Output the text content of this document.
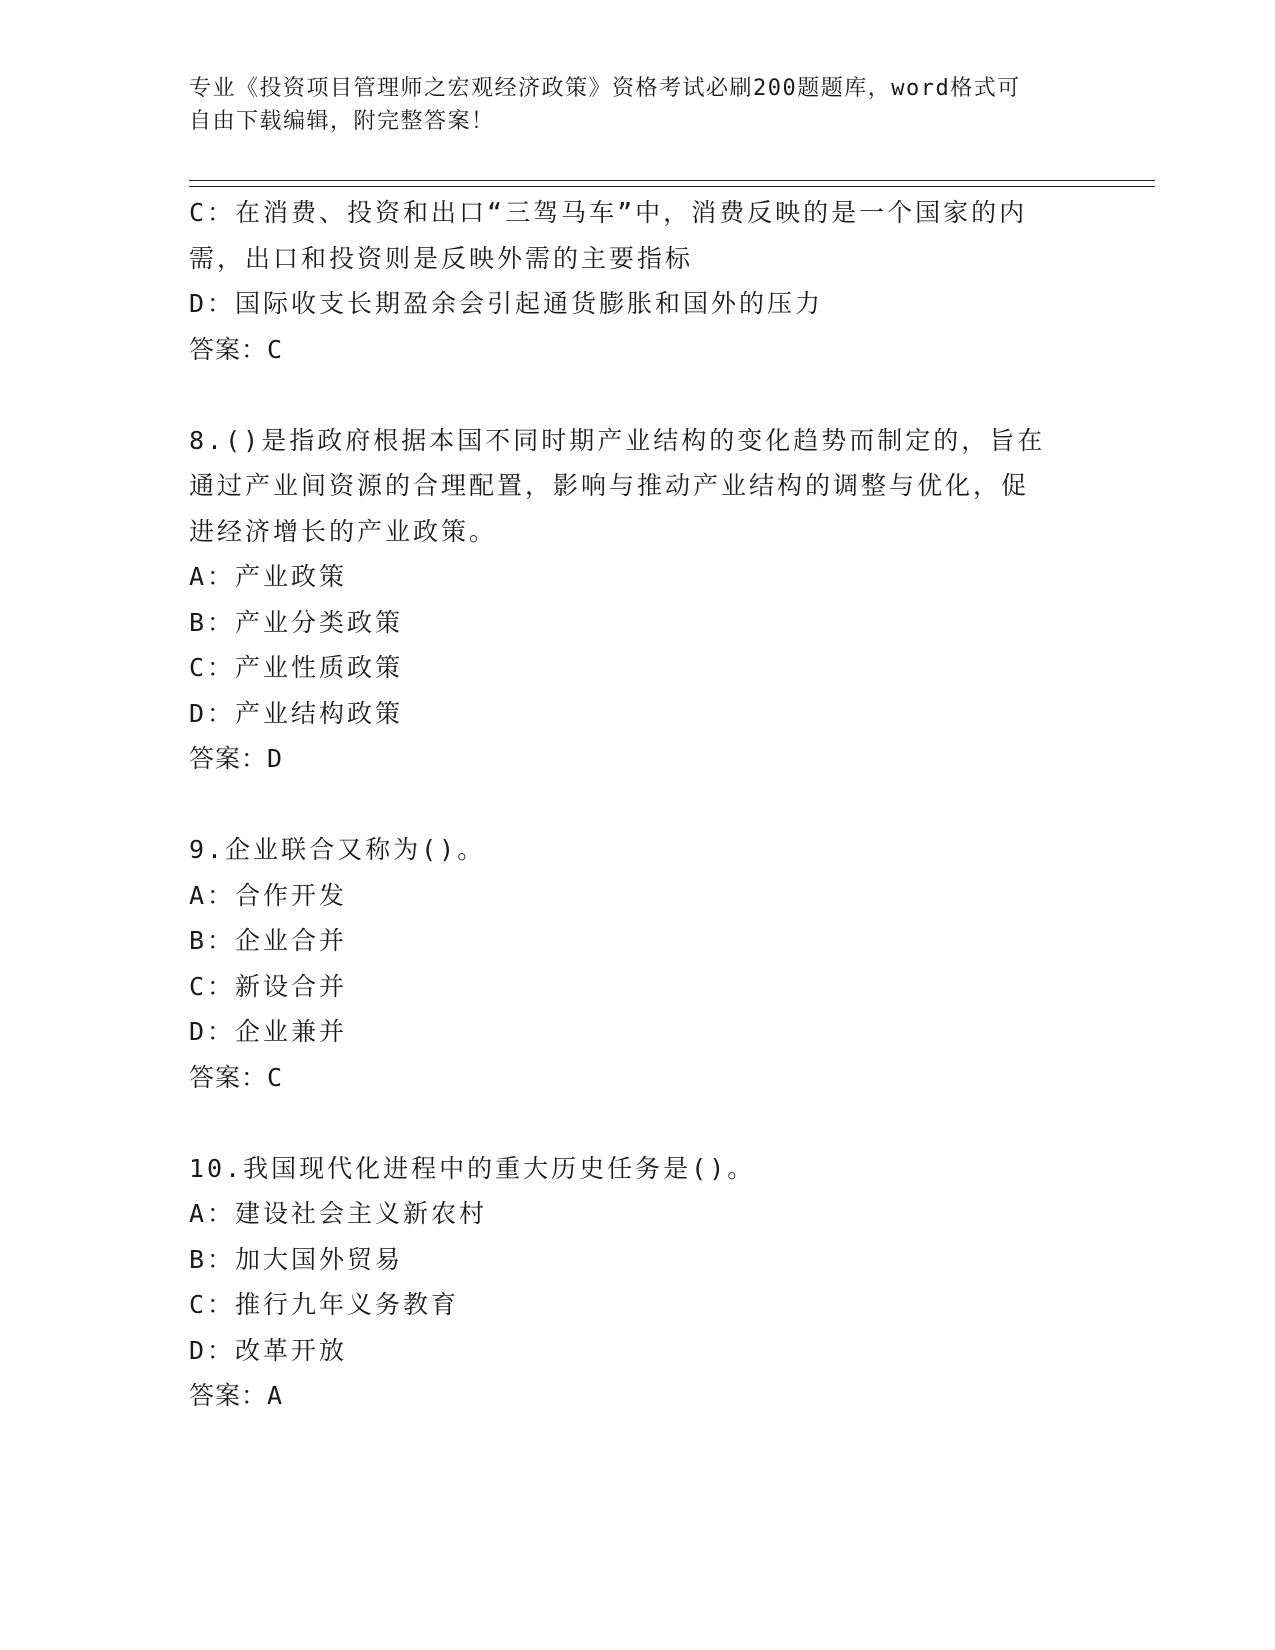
专业《投资项目管理师之宏观经济政策》资格考试必刷200题题库，word格式可
自由下载编辑，附完整答案！
C：在消费、投资和出口“三驾马车”中，消费反映的是一个国家的内
需，出口和投资则是反映外需的主要指标
D：国际收支长期盈余会引起通货膨胀和国外的压力
答案：C
8.()是指政府根据本国不同时期产业结构的变化趋势而制定的，旨在
通过产业间资源的合理配置，影响与推动产业结构的调整与优化，促
进经济增长的产业政策。
A：产业政策
B：产业分类政策
C：产业性质政策
D：产业结构政策
答案：D
9.企业联合又称为()。
A：合作开发
B：企业合并
C：新设合并
D：企业兼并
答案：C
10.我国现代化进程中的重大历史任务是()。
A：建设社会主义新农村
B：加大国外贸易
C：推行九年义务教育
D：改革开放
答案：A
